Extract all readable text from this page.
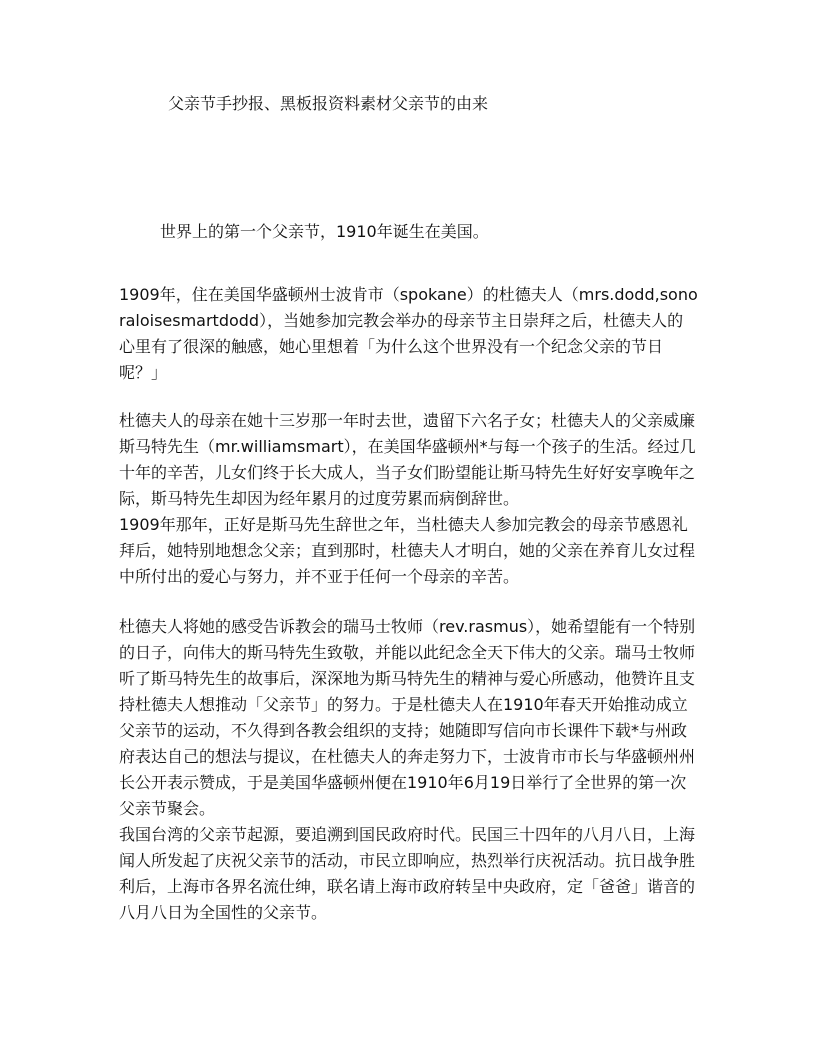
父亲节手抄报、黑板报资料素材父亲节的由来
世界上的第一个父亲节，1910年诞生在美国。

1909年，住在美国华盛顿州士波肯市（spokane）的杜德夫人（mrs.dodd,sonoraloisesmartdodd），当她参加完教会举办的母亲节主日崇拜之后，杜德夫人的心里有了很深的触感，她心里想着「为什么这个世界没有一个纪念父亲的节日呢？」

杜德夫人的母亲在她十三岁那一年时去世，遗留下六名子女；杜德夫人的父亲威廉斯马特先生（mr.williamsmart），在美国华盛顿州*与每一个孩子的生活。经过几十年的辛苦，儿女们终于长大成人，当子女们盼望能让斯马特先生好好安享晚年之际，斯马特先生却因为经年累月的过度劳累而病倒辞世。

1909年那年，正好是斯马先生辞世之年，当杜德夫人参加完教会的母亲节感恩礼拜后，她特别地想念父亲；直到那时，杜德夫人才明白，她的父亲在养育儿女过程中所付出的爱心与努力，并不亚于任何一个母亲的辛苦。

杜德夫人将她的感受告诉教会的瑞马士牧师（rev.rasmus），她希望能有一个特别的日子，向伟大的斯马特先生致敬，并能以此纪念全天下伟大的父亲。瑞马士牧师听了斯马特先生的故事后，深深地为斯马特先生的精神与爱心所感动，他赞许且支持杜德夫人想推动「父亲节」的努力。于是杜德夫人在1910年春天开始推动成立父亲节的运动，不久得到各教会组织的支持；她随即写信向市长课件下载*与州政府表达自己的想法与提议，在杜德夫人的奔走努力下，士波肯市市长与华盛顿州州长公开表示赞成，于是美国华盛顿州便在1910年6月19日举行了全世界的第一次父亲节聚会。

我国台湾的父亲节起源，要追溯到国民政府时代。民国三十四年的八月八日，上海闻人所发起了庆祝父亲节的活动，市民立即响应，热烈举行庆祝活动。抗日战争胜利后，上海市各界名流仕绅，联名请上海市政府转呈中央政府，定「爸爸」谐音的八月八日为全国性的父亲节。
